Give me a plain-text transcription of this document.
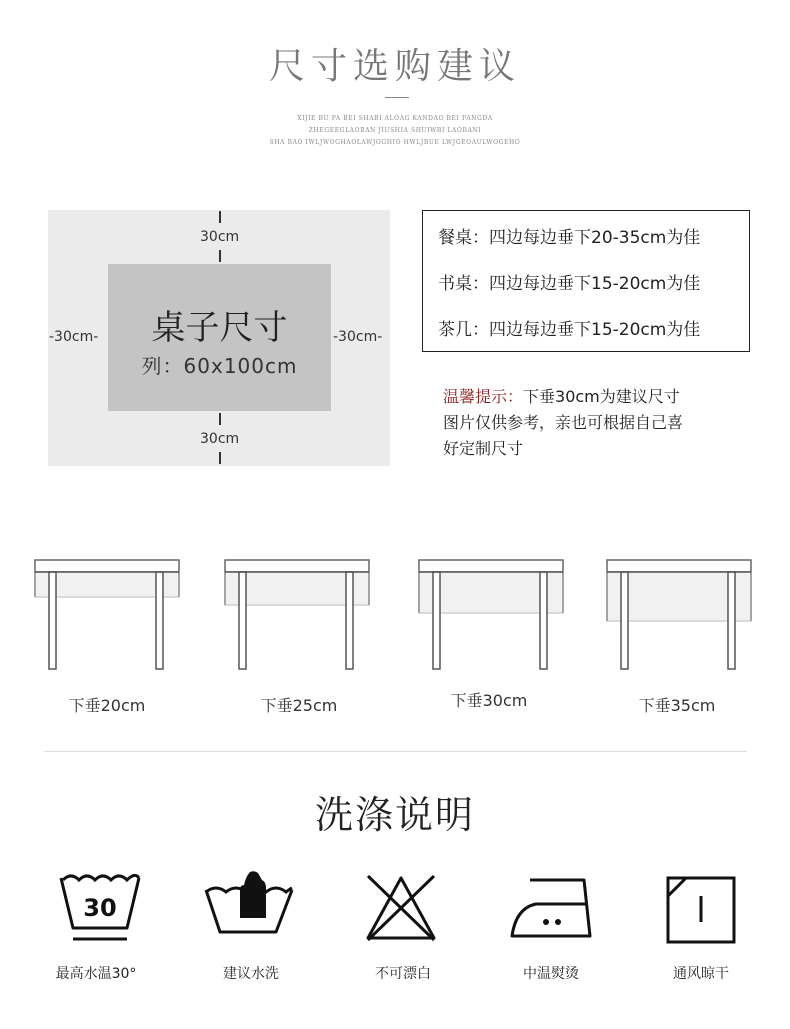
尺寸选购建议
XIJIE BU PA BEI SHABI ALOAG KANDAO BEI FANGDA
ZHEGEEGLAOBAN JIUSHIA SHUIWBI LAOBANI
SHA BAO IWLJWOGHAOLAWJOGHIO HWLJBUE LWJGEOAULWOGEHO
30cm
30cm
-30cm-	-30cm-
桌子尺寸
列：60x100cm
餐桌：四边每边垂下20-35cm为佳
书桌：四边每边垂下15-20cm为佳
茶几：四边每边垂下15-20cm为佳
温馨提示：下垂30cm为建议尺寸
图片仅供参考，亲也可根据自己喜
好定制尺寸
下垂20cm	下垂25cm	下垂30cm	下垂35cm
洗涤说明
30
最高水温30°	建议水洗	不可漂白	中温熨烫	通风晾干
